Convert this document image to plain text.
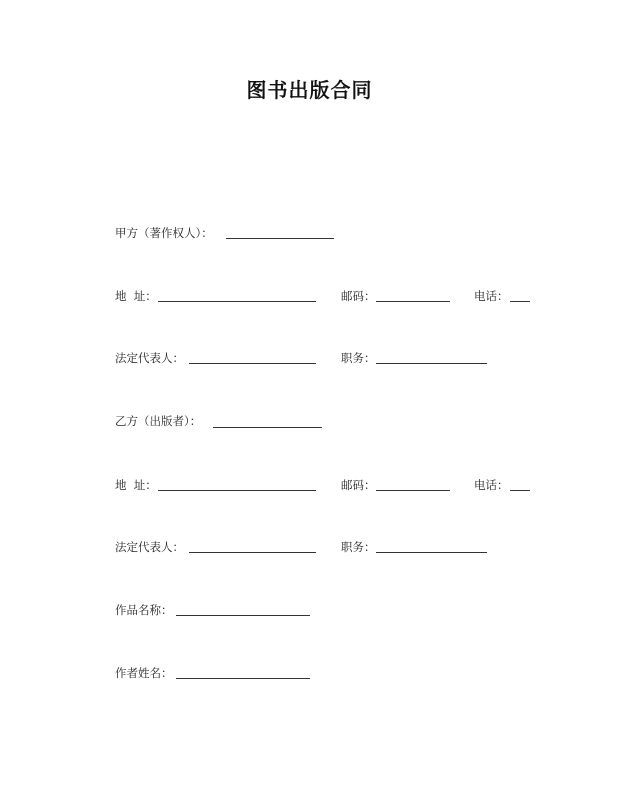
图书出版合同
甲方（著作权人）：
地  址：	邮码：	电话：
法定代表人：	职务：
乙方（出版者）：
地  址：	邮码：	电话：
法定代表人：	职务：
作品名称：
作者姓名：
